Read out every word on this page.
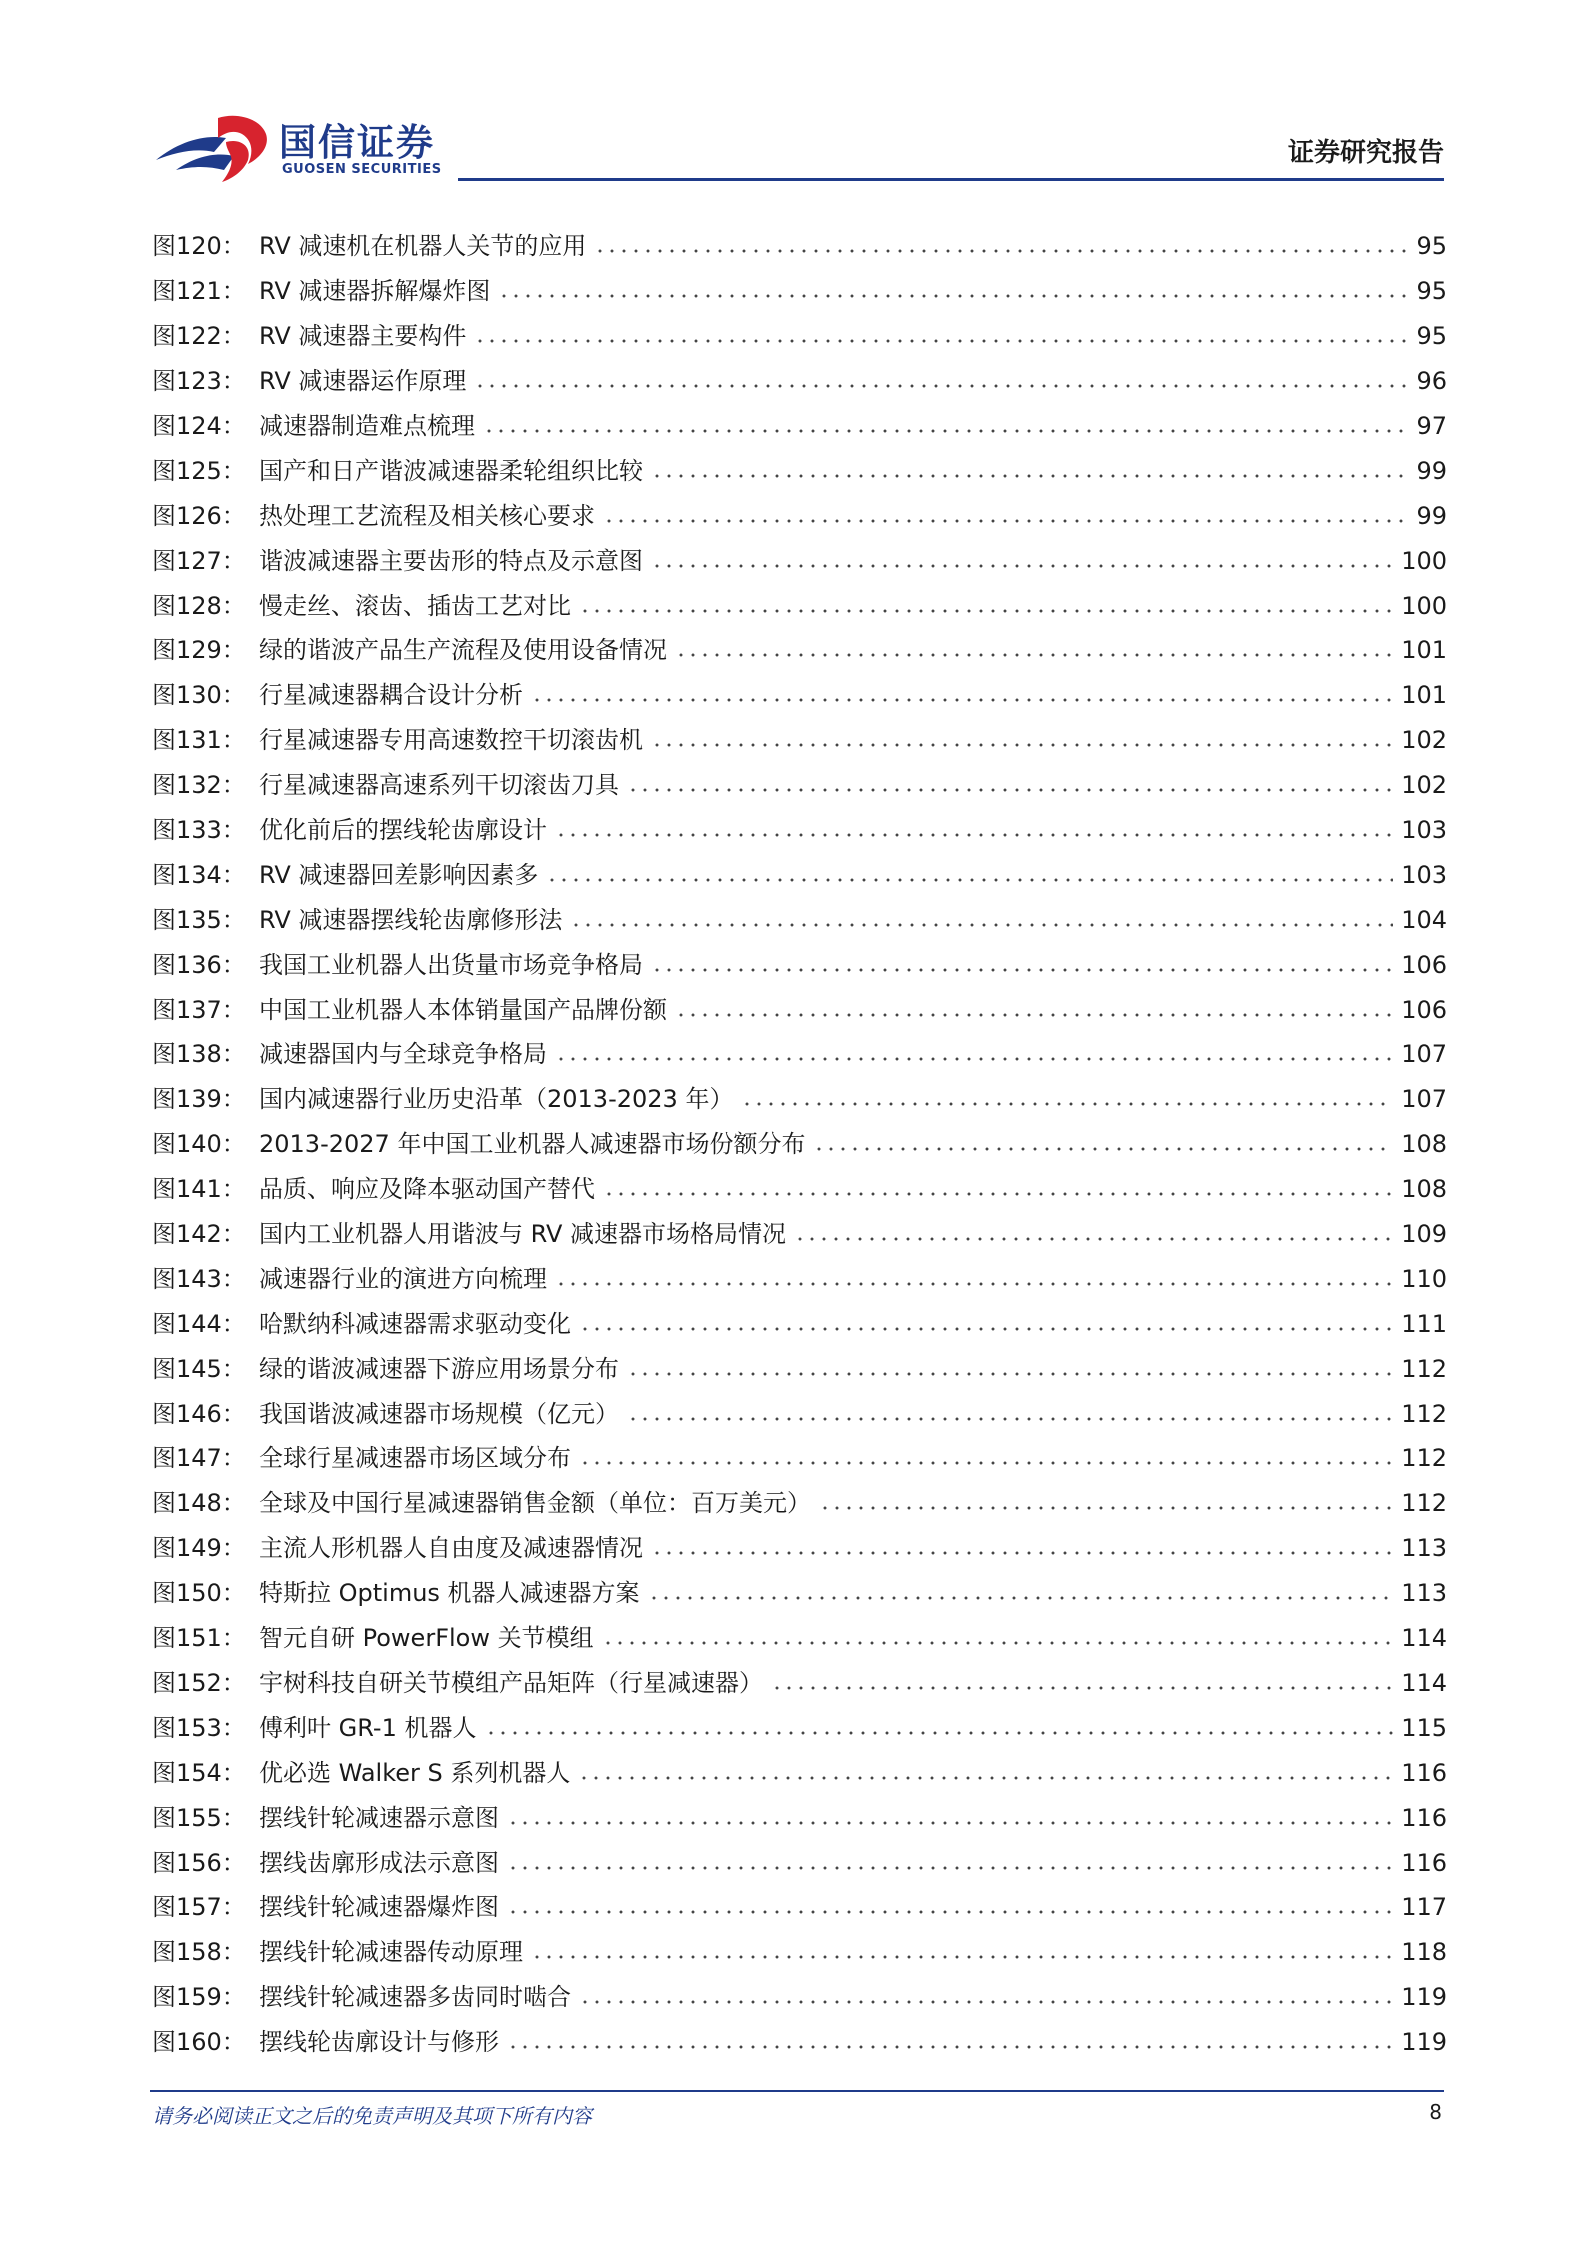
国信证券
GUOSEN SECURITIES
证券研究报告
图120： RV 减速机在机器人关节的应用	95
图121： RV 减速器拆解爆炸图	95
图122： RV 减速器主要构件	95
图123： RV 减速器运作原理	96
图124： 减速器制造难点梳理	97
图125： 国产和日产谐波减速器柔轮组织比较	99
图126： 热处理工艺流程及相关核心要求	99
图127： 谐波减速器主要齿形的特点及示意图	100
图128： 慢走丝、滚齿、插齿工艺对比	100
图129： 绿的谐波产品生产流程及使用设备情况	101
图130： 行星减速器耦合设计分析	101
图131： 行星减速器专用高速数控干切滚齿机	102
图132： 行星减速器高速系列干切滚齿刀具	102
图133： 优化前后的摆线轮齿廓设计	103
图134： RV 减速器回差影响因素多	103
图135： RV 减速器摆线轮齿廓修形法	104
图136： 我国工业机器人出货量市场竞争格局	106
图137： 中国工业机器人本体销量国产品牌份额	106
图138： 减速器国内与全球竞争格局	107
图139： 国内减速器行业历史沿革（2013-2023 年）	107
图140： 2013-2027 年中国工业机器人减速器市场份额分布	108
图141： 品质、响应及降本驱动国产替代	108
图142： 国内工业机器人用谐波与 RV 减速器市场格局情况	109
图143： 减速器行业的演进方向梳理	110
图144： 哈默纳科减速器需求驱动变化	111
图145： 绿的谐波减速器下游应用场景分布	112
图146： 我国谐波减速器市场规模（亿元）	112
图147： 全球行星减速器市场区域分布	112
图148： 全球及中国行星减速器销售金额（单位：百万美元）	112
图149： 主流人形机器人自由度及减速器情况	113
图150： 特斯拉 Optimus 机器人减速器方案	113
图151： 智元自研 PowerFlow 关节模组	114
图152： 宇树科技自研关节模组产品矩阵（行星减速器）	114
图153： 傅利叶 GR-1 机器人	115
图154： 优必选 Walker S 系列机器人	116
图155： 摆线针轮减速器示意图	116
图156： 摆线齿廓形成法示意图	116
图157： 摆线针轮减速器爆炸图	117
图158： 摆线针轮减速器传动原理	118
图159： 摆线针轮减速器多齿同时啮合	119
图160： 摆线轮齿廓设计与修形	119
请务必阅读正文之后的免责声明及其项下所有内容	8
